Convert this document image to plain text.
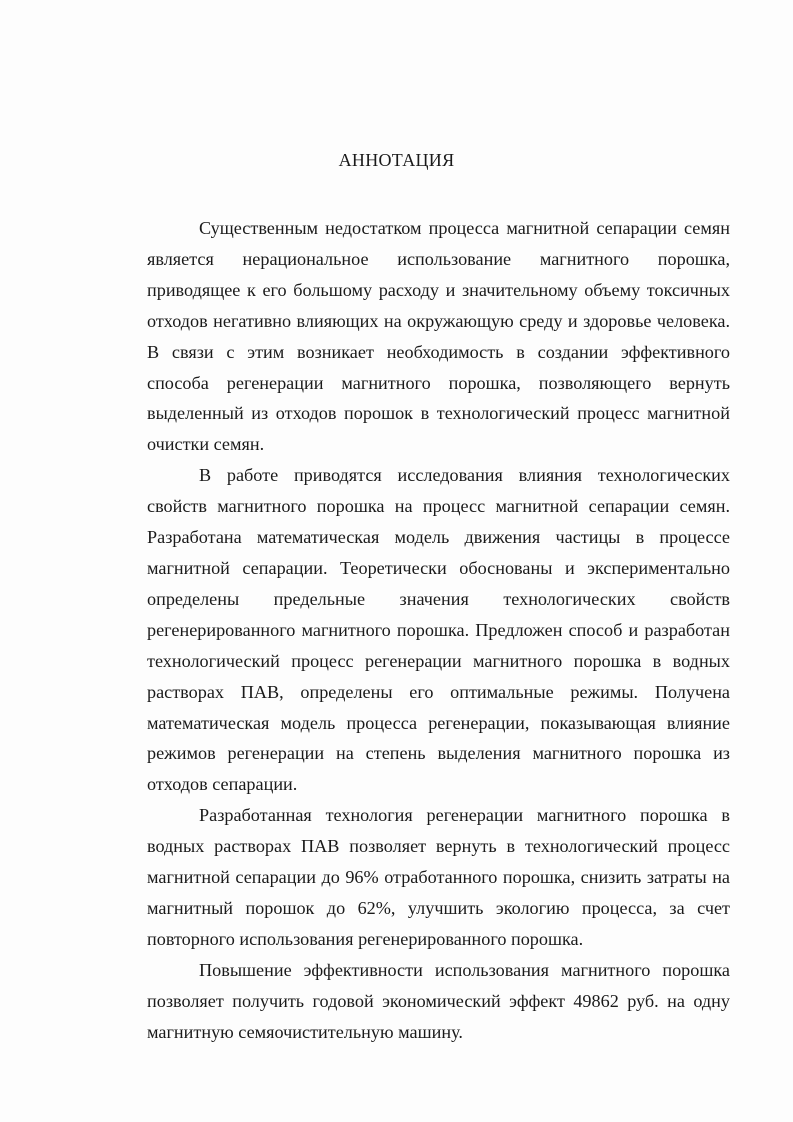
АННОТАЦИЯ

Существенным недостатком процесса магнитной сепарации семян является нерациональное использование магнитного порошка, приводящее к его большому расходу и значительному объему токсичных отходов негативно влияющих на окружающую среду и здоровье человека. В связи с этим возникает необходимость в создании эффективного способа регенерации магнитного порошка, позволяющего вернуть выделенный из отходов порошок в технологический процесс магнитной очистки семян.

В работе приводятся исследования влияния технологических свойств магнитного порошка на процесс магнитной сепарации семян. Разработана математическая модель движения частицы в процессе магнитной сепарации. Теоретически обоснованы и экспериментально определены предельные значения технологических свойств регенерированного магнитного порошка. Предложен способ и разработан технологический процесс регенерации магнитного порошка в водных растворах ПАВ, определены его оптимальные режимы. Получена математическая модель процесса регенерации, показывающая влияние режимов регенерации на степень выделения магнитного порошка из отходов сепарации.

Разработанная технология регенерации магнитного порошка в водных растворах ПАВ позволяет вернуть в технологический процесс магнитной сепарации до 96% отработанного порошка, снизить затраты на магнитный порошок до 62%, улучшить экологию процесса, за счет повторного использования регенерированного порошка.

Повышение эффективности использования магнитного порошка позволяет получить годовой экономический эффект 49862 руб. на одну магнитную семяочистительную машину.
